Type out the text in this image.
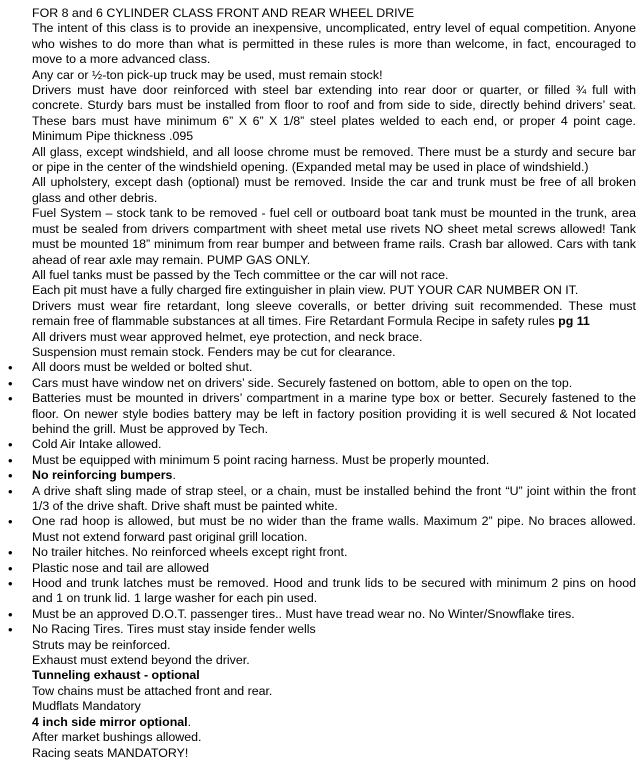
FOR 8 and 6 CYLINDER CLASS FRONT AND REAR WHEEL DRIVE

The intent of this class is to provide an inexpensive, uncomplicated, entry level of equal competition. Anyone who wishes to do more than what is permitted in these rules is more than welcome, in fact, encouraged to move to a more advanced class.

Any car or ½-ton pick-up truck may be used, must remain stock!

Drivers must have door reinforced with steel bar extending into rear door or quarter, or filled ¾ full with concrete. Sturdy bars must be installed from floor to roof and from side to side, directly behind drivers’ seat. These bars must have minimum 6” X 6” X 1/8” steel plates welded to each end, or proper 4 point cage. Minimum Pipe thickness .095

All glass, except windshield, and all loose chrome must be removed. There must be a sturdy and secure bar or pipe in the center of the windshield opening. (Expanded metal may be used in place of windshield.)

All upholstery, except dash (optional) must be removed. Inside the car and trunk must be free of all broken glass and other debris.

Fuel System – stock tank to be removed - fuel cell or outboard boat tank must be mounted in the trunk, area must be sealed from drivers compartment with sheet metal use rivets NO sheet metal screws allowed! Tank must be mounted 18” minimum from rear bumper and between frame rails. Crash bar allowed. Cars with tank ahead of rear axle may remain. PUMP GAS ONLY.

All fuel tanks must be passed by the Tech committee or the car will not race.

Each pit must have a fully charged fire extinguisher in plain view. PUT YOUR CAR NUMBER ON IT.

Drivers must wear fire retardant, long sleeve coveralls, or better driving suit recommended. These must remain free of flammable substances at all times. Fire Retardant Formula Recipe in safety rules pg 11

All drivers must wear approved helmet, eye protection, and neck brace.

Suspension must remain stock. Fenders may be cut for clearance.

• All doors must be welded or bolted shut.
• Cars must have window net on drivers’ side. Securely fastened on bottom, able to open on the top.
• Batteries must be mounted in drivers’ compartment in a marine type box or better. Securely fastened to the floor. On newer style bodies battery may be left in factory position providing it is well secured & Not located behind the grill. Must be approved by Tech.
• Cold Air Intake allowed.
• Must be equipped with minimum 5 point racing harness. Must be properly mounted.
• No reinforcing bumpers.
• A drive shaft sling made of strap steel, or a chain, must be installed behind the front “U” joint within the front 1/3 of the drive shaft. Drive shaft must be painted white.
• One rad hoop is allowed, but must be no wider than the frame walls. Maximum 2” pipe. No braces allowed. Must not extend forward past original grill location.
• No trailer hitches. No reinforced wheels except right front.
• Plastic nose and tail are allowed
• Hood and trunk latches must be removed. Hood and trunk lids to be secured with minimum 2 pins on hood and 1 on trunk lid. 1 large washer for each pin used.
• Must be an approved D.O.T. passenger tires.. Must have tread wear no. No Winter/Snowflake tires.
• No Racing Tires. Tires must stay inside fender wells

Struts may be reinforced.

Exhaust must extend beyond the driver.

Tunneling exhaust - optional

Tow chains must be attached front and rear.

Mudflats Mandatory

4 inch side mirror optional.

After market bushings allowed.

Racing seats MANDATORY!
